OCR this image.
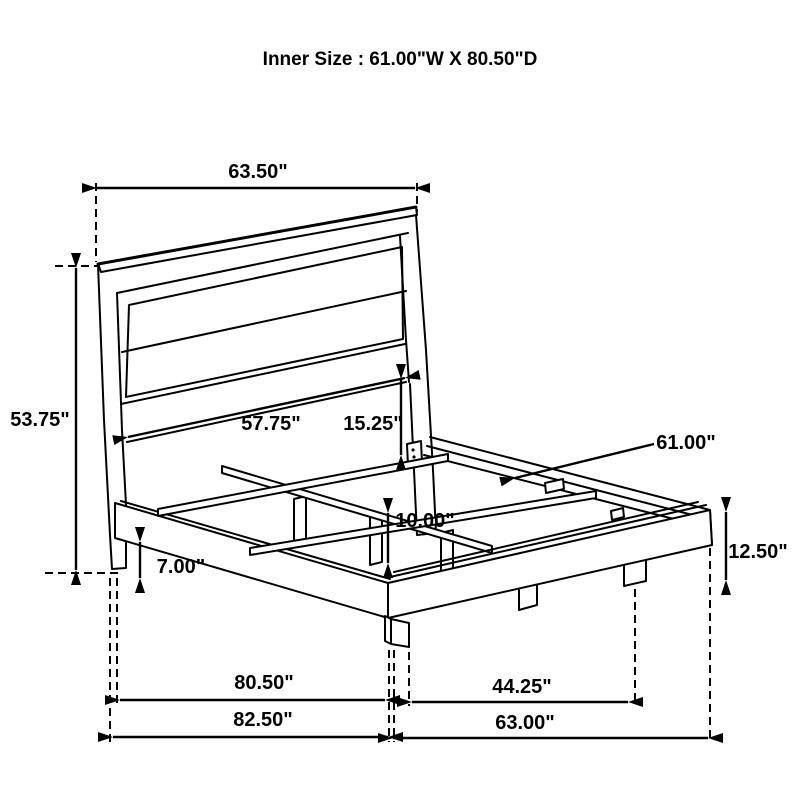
Inner Size : 61.00"W X 80.50"D
63.50"
53.75"	57.75" 15.25"
61.00"
10.00"
7.00"
12.50"
80.50"	44.25"
82.50"	63.00"
